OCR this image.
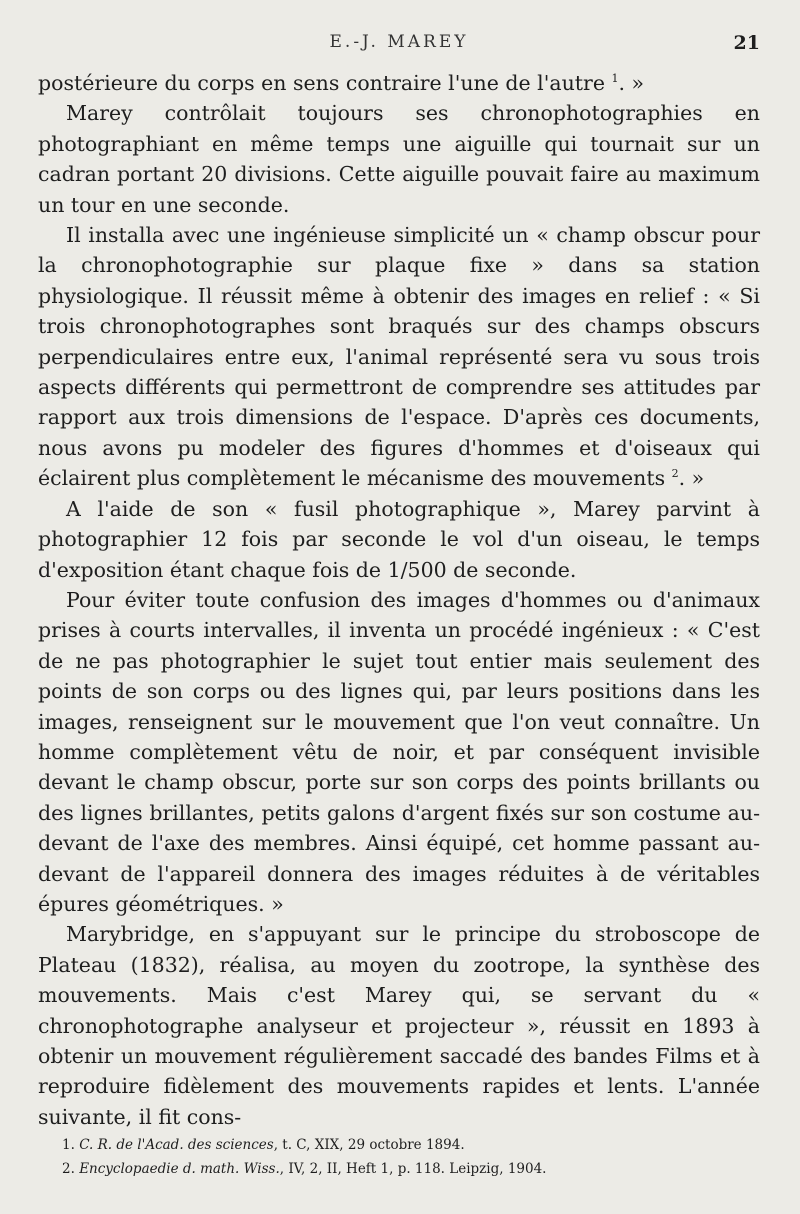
E.-J. MAREY	21

postérieure du corps en sens contraire l'une de l'autre $^1$. »

Marey contrôlait toujours ses chronophotographies en photographiant en même temps une aiguille qui tournait sur un cadran portant 20 divisions. Cette aiguille pouvait faire au maximum un tour en une seconde.

Il installa avec une ingénieuse simplicité un « champ obscur pour la chronophotographie sur plaque fixe » dans sa station physiologique. Il réussit même à obtenir des images en relief : « Si trois chronophotographes sont braqués sur des champs obscurs perpendiculaires entre eux, l'animal représenté sera vu sous trois aspects différents qui permettront de comprendre ses attitudes par rapport aux trois dimensions de l'espace. D'après ces documents, nous avons pu modeler des figures d'hommes et d'oiseaux qui éclairent plus complètement le mécanisme des mouvements $^2$. »

A l'aide de son « fusil photographique », Marey parvint à photographier 12 fois par seconde le vol d'un oiseau, le temps d'exposition étant chaque fois de 1/500 de seconde.

Pour éviter toute confusion des images d'hommes ou d'animaux prises à courts intervalles, il inventa un procédé ingénieux : « C'est de ne pas photographier le sujet tout entier mais seulement des points de son corps ou des lignes qui, par leurs positions dans les images, renseignent sur le mouvement que l'on veut connaître. Un homme complètement vêtu de noir, et par conséquent invisible devant le champ obscur, porte sur son corps des points brillants ou des lignes brillantes, petits galons d'argent fixés sur son costume au-devant de l'axe des membres. Ainsi équipé, cet homme passant au-devant de l'appareil donnera des images réduites à de véritables épures géométriques. »

Marybridge, en s'appuyant sur le principe du stroboscope de Plateau (1832), réalisa, au moyen du zootrope, la synthèse des mouvements. Mais c'est Marey qui, se servant du « chronophotographe analyseur et projecteur », réussit en 1893 à obtenir un mouvement régulièrement saccadé des bandes Films et à reproduire fidèlement des mouvements rapides et lents. L'année suivante, il fit cons-

1. C. R. de l'Acad. des sciences, t. C, XIX, 29 octobre 1894.
2. Encyclopaedie d. math. Wiss., IV, 2, II, Heft 1, p. 118. Leipzig, 1904.
